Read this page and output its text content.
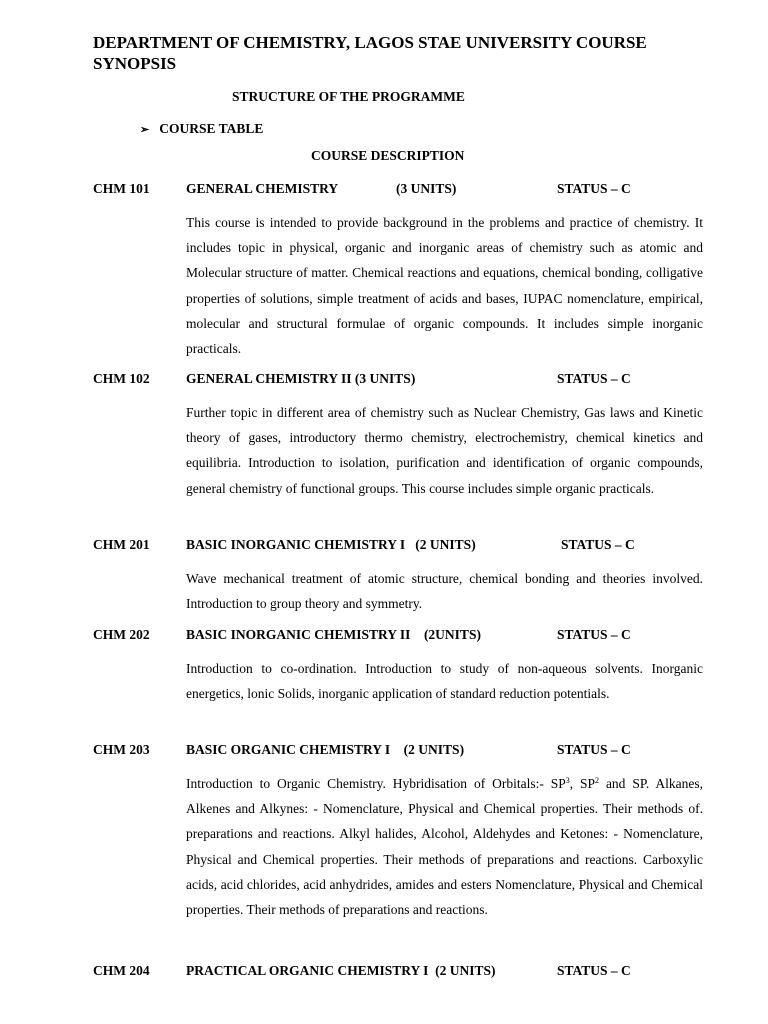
DEPARTMENT OF CHEMISTRY, LAGOS STAE UNIVERSITY COURSE SYNOPSIS

STRUCTURE OF THE PROGRAMME

➢ COURSE TABLE

COURSE DESCRIPTION

CHM 101	GENERAL CHEMISTRY	(3 UNITS)	STATUS – C

This course is intended to provide background in the problems and practice of chemistry. It includes topic in physical, organic and inorganic areas of chemistry such as atomic and Molecular structure of matter. Chemical reactions and equations, chemical bonding, colligative properties of solutions, simple treatment of acids and bases, IUPAC nomenclature, empirical, molecular and structural formulae of organic compounds. It includes simple inorganic practicals.

CHM 102	GENERAL CHEMISTRY II (3 UNITS)	STATUS – C

Further topic in different area of chemistry such as Nuclear Chemistry, Gas laws and Kinetic theory of gases, introductory thermo chemistry, electrochemistry, chemical kinetics and equilibria. Introduction to isolation, purification and identification of organic compounds, general chemistry of functional groups. This course includes simple organic practicals.

CHM 201	BASIC INORGANIC CHEMISTRY I   (2 UNITS)	STATUS – C

Wave mechanical treatment of atomic structure, chemical bonding and theories involved. Introduction to group theory and symmetry.

CHM 202	BASIC INORGANIC CHEMISTRY II    (2UNITS)	STATUS – C

Introduction to co-ordination. Introduction to study of non-aqueous solvents. Inorganic energetics, lonic Solids, inorganic application of standard reduction potentials.

CHM 203	BASIC ORGANIC CHEMISTRY I    (2 UNITS)	STATUS – C

Introduction to Organic Chemistry. Hybridisation of Orbitals:- $SP^3$, $SP^2$ and SP. Alkanes, Alkenes and Alkynes: - Nomenclature, Physical and Chemical properties. Their methods of. preparations and reactions. Alkyl halides, Alcohol, Aldehydes and Ketones: - Nomenclature, Physical and Chemical properties. Their methods of preparations and reactions. Carboxylic acids, acid chlorides, acid anhydrides, amides and esters Nomenclature, Physical and Chemical properties. Their methods of preparations and reactions.

CHM 204	PRACTICAL ORGANIC CHEMISTRY I  (2 UNITS)	STATUS – C
